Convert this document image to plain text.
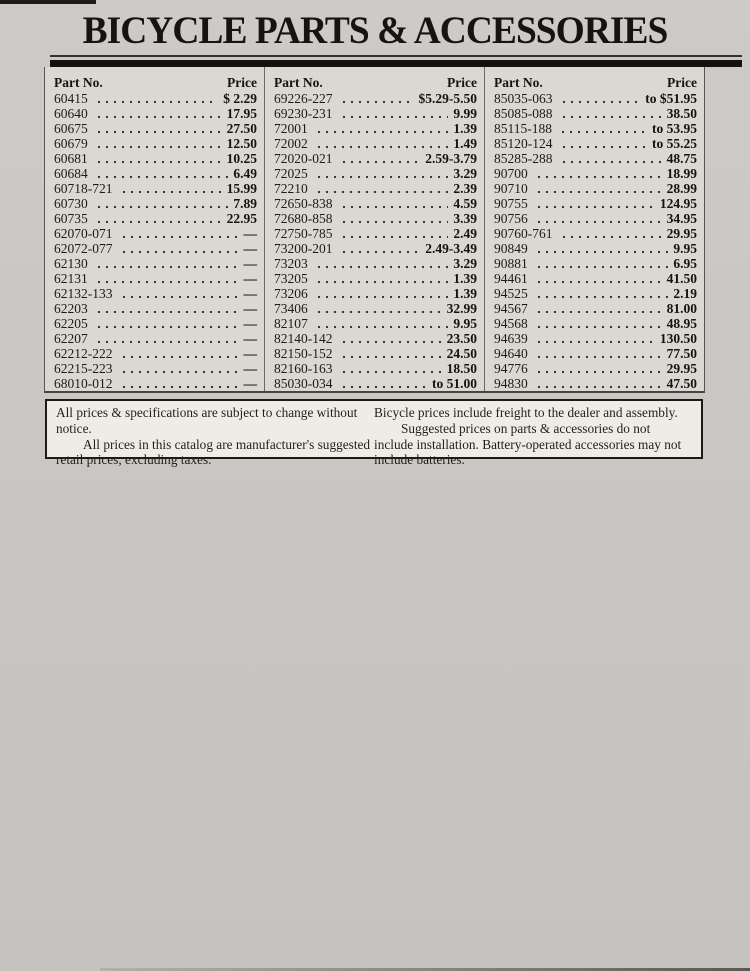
BICYCLE PARTS & ACCESSORIES
Part No.	Price
60415	$ 2.29
60640	17.95
60675	27.50
60679	12.50
60681	10.25
60684	6.49
60718-721	15.99
60730	7.89
60735	22.95
62070-071	—
62072-077	—
62130	—
62131	—
62132-133	—
62203	—
62205	—
62207	—
62212-222	—
62215-223	—
68010-012	—
Part No.	Price
69226-227	$5.29-5.50
69230-231	9.99
72001	1.39
72002	1.49
72020-021	2.59-3.79
72025	3.29
72210	2.39
72650-838	4.59
72680-858	3.39
72750-785	2.49
73200-201	2.49-3.49
73203	3.29
73205	1.39
73206	1.39
73406	32.99
82107	9.95
82140-142	23.50
82150-152	24.50
82160-163	18.50
85030-034	to 51.00
Part No.	Price
85035-063	to $51.95
85085-088	38.50
85115-188	to 53.95
85120-124	to 55.25
85285-288	48.75
90700	18.99
90710	28.99
90755	124.95
90756	34.95
90760-761	29.95
90849	9.95
90881	6.95
94461	41.50
94525	2.19
94567	81.00
94568	48.95
94639	130.50
94640	77.50
94776	29.95
94830	47.50

All prices & specifications are subject to change without notice.

All prices in this catalog are manufacturer's suggested retail prices, excluding taxes.

Bicycle prices include freight to the dealer and assembly.

Suggested prices on parts & accessories do not include installation. Battery-operated accessories may not include batteries.
